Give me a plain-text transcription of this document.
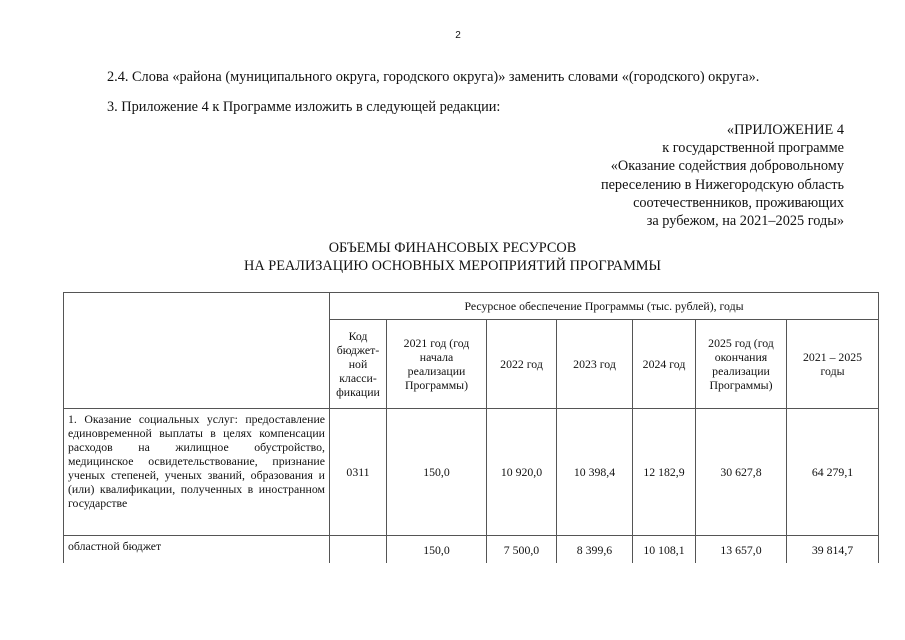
2
2.4. Слова «района (муниципального округа, городского округа)» заменить словами «(городского) округа».
3. Приложение 4 к Программе изложить в следующей редакции:
«ПРИЛОЖЕНИЕ 4
к государственной программе
«Оказание содействия добровольному
переселению в Нижегородскую область
соотечественников, проживающих
за рубежом, на 2021–2025 годы»
ОБЪЕМЫ ФИНАНСОВЫХ РЕСУРСОВ
НА РЕАЛИЗАЦИЮ ОСНОВНЫХ МЕРОПРИЯТИЙ ПРОГРАММЫ
	Ресурсное обеспечение Программы (тыс. рублей), годы						
	Код бюджет-ной класси-фикации	2021 год (год начала реализации Программы)	2022 год	2023 год	2024 год	2025 год (год окончания реализации Программы)	2021 – 2025 годы
1. Оказание социальных услуг: предоставление единовременной выплаты в целях компенсации расходов на жилищное обустройство, медицинское освидетельствование, признание ученых степеней, ученых званий, образования и (или) квалификации, полученных в иностранном государстве	0311	150,0	10 920,0	10 398,4	12 182,9	30 627,8	64 279,1
областной бюджет		150,0	7 500,0	8 399,6	10 108,1	13 657,0	39 814,7
